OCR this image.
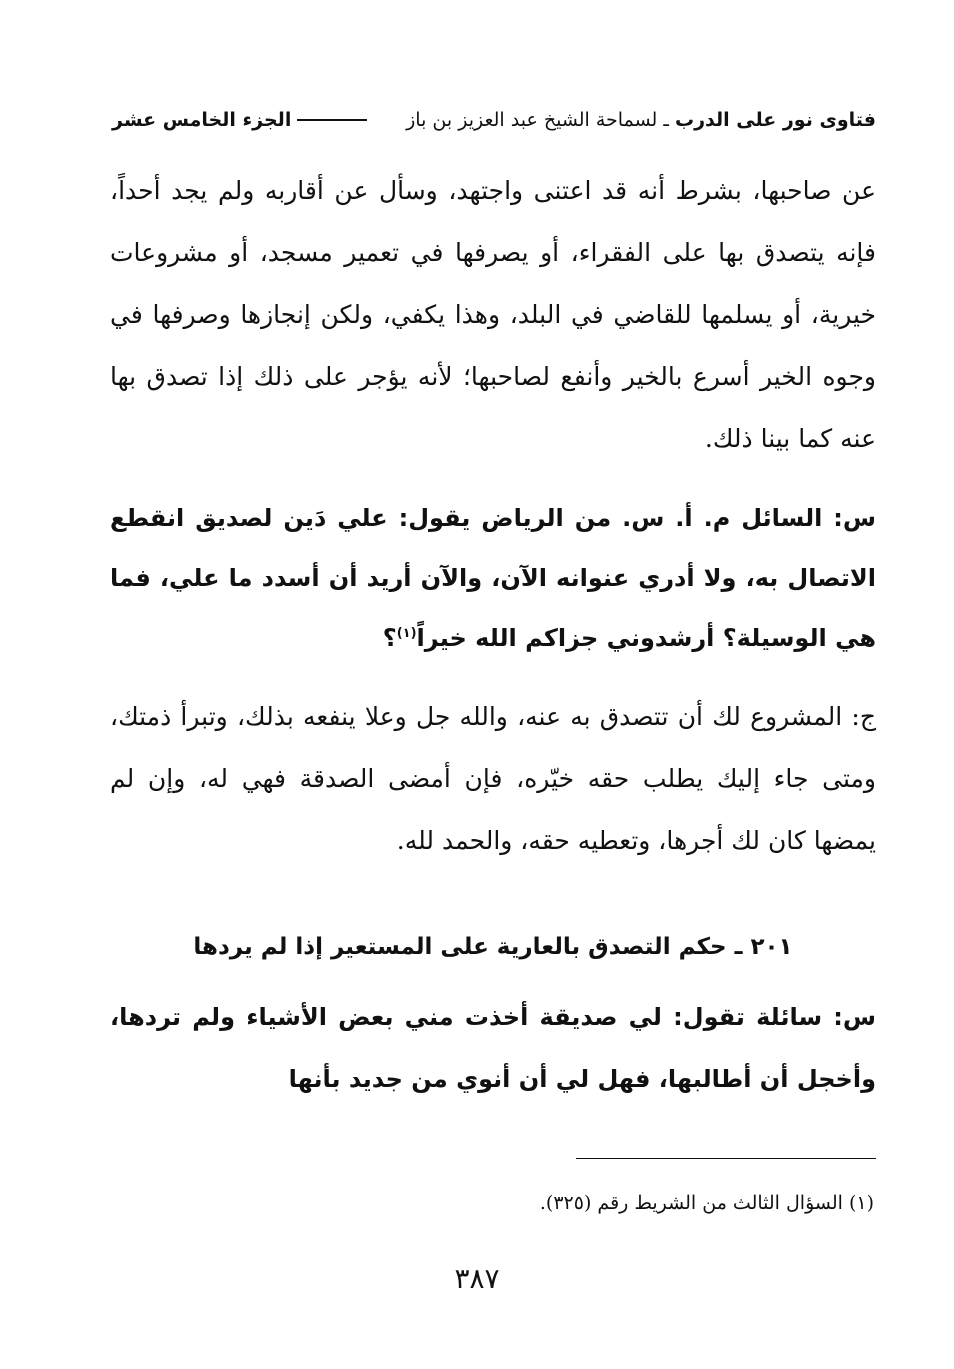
فتاوى نور على الدرب ـ لسماحة الشيخ عبد العزيز بن باز
الجزء الخامس عشر

عن صاحبها، بشرط أنه قد اعتنى واجتهد، وسأل عن أقاربه ولم يجد أحداً، فإنه يتصدق بها على الفقراء، أو يصرفها في تعمير مسجد، أو مشروعات خيرية، أو يسلمها للقاضي في البلد، وهذا يكفي، ولكن إنجازها وصرفها في وجوه الخير أسرع بالخير وأنفع لصاحبها؛ لأنه يؤجر على ذلك إذا تصدق بها عنه كما بينا ذلك.

س: السائل م. أ. س. من الرياض يقول: علي دَين لصديق انقطع الاتصال به، ولا أدري عنوانه الآن، والآن أريد أن أسدد ما علي، فما هي الوسيلة؟ أرشدوني جزاكم الله خيراً$^{(١)}$؟

ج: المشروع لك أن تتصدق به عنه، والله جل وعلا ينفعه بذلك، وتبرأ ذمتك، ومتى جاء إليك يطلب حقه خيّره، فإن أمضى الصدقة فهي له، وإن لم يمضها كان لك أجرها، وتعطيه حقه، والحمد لله.

٢٠١ ـ حكم التصدق بالعارية على المستعير إذا لم يردها

س: سائلة تقول: لي صديقة أخذت مني بعض الأشياء ولم تردها، وأخجل أن أطالبها، فهل لي أن أنوي من جديد بأنها

(١) السؤال الثالث من الشريط رقم (٣٢٥).
٣٨٧
